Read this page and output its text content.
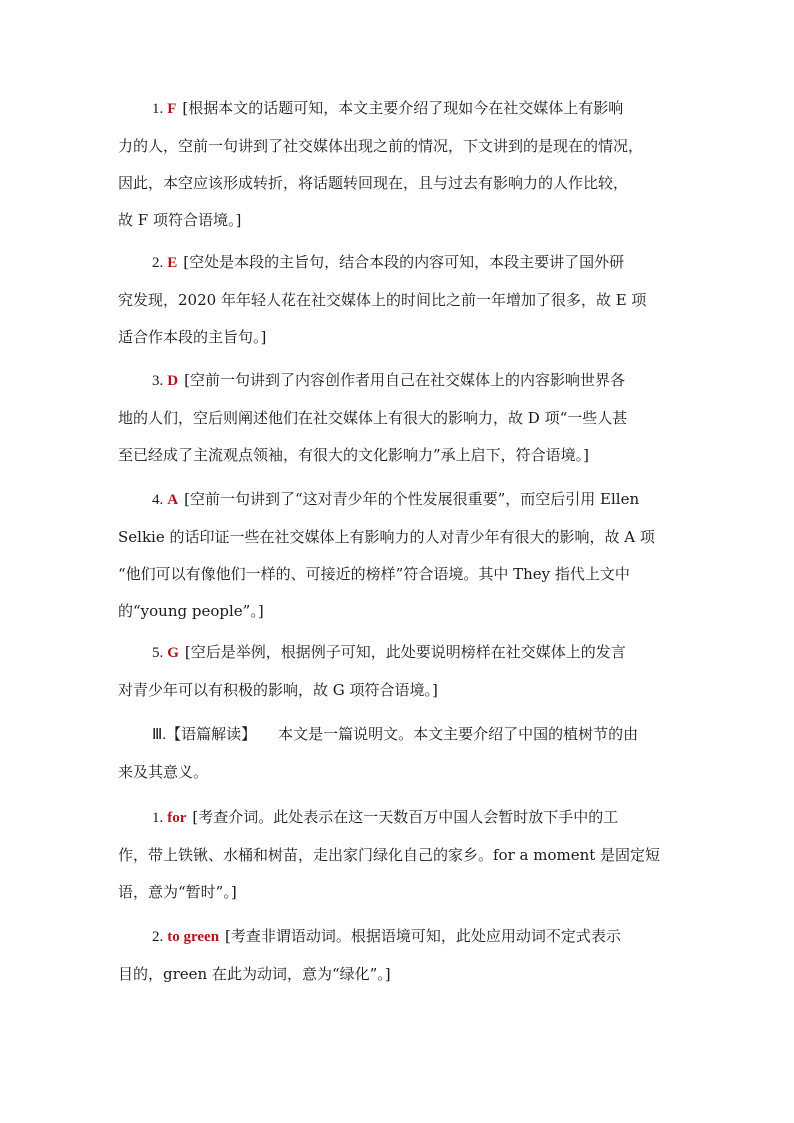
1. F [根据本文的话题可知，本文主要介绍了现如今在社交媒体上有影响
力的人，空前一句讲到了社交媒体出现之前的情况，下文讲到的是现在的情况，
因此，本空应该形成转折，将话题转回现在，且与过去有影响力的人作比较，
故 F 项符合语境。]
2. E [空处是本段的主旨句，结合本段的内容可知，本段主要讲了国外研
究发现，2020 年年轻人花在社交媒体上的时间比之前一年增加了很多，故 E 项
适合作本段的主旨句。]
3. D [空前一句讲到了内容创作者用自己在社交媒体上的内容影响世界各
地的人们，空后则阐述他们在社交媒体上有很大的影响力，故 D 项“一些人甚
至已经成了主流观点领袖，有很大的文化影响力”承上启下，符合语境。]
4. A [空前一句讲到了“这对青少年的个性发展很重要”，而空后引用 Ellen
Selkie 的话印证一些在社交媒体上有影响力的人对青少年有很大的影响，故 A 项
“他们可以有像他们一样的、可接近的榜样”符合语境。其中 They 指代上文中
的“young people”。]
5. G [空后是举例，根据例子可知，此处要说明榜样在社交媒体上的发言
对青少年可以有积极的影响，故 G 项符合语境。]
Ⅲ.【语篇解读】 本文是一篇说明文。本文主要介绍了中国的植树节的由
来及其意义。
1. for [考查介词。此处表示在这一天数百万中国人会暂时放下手中的工
作，带上铁锹、水桶和树苗，走出家门绿化自己的家乡。for a moment 是固定短
语，意为“暂时”。]
2. to green [考查非谓语动词。根据语境可知，此处应用动词不定式表示
目的，green 在此为动词，意为“绿化”。]
